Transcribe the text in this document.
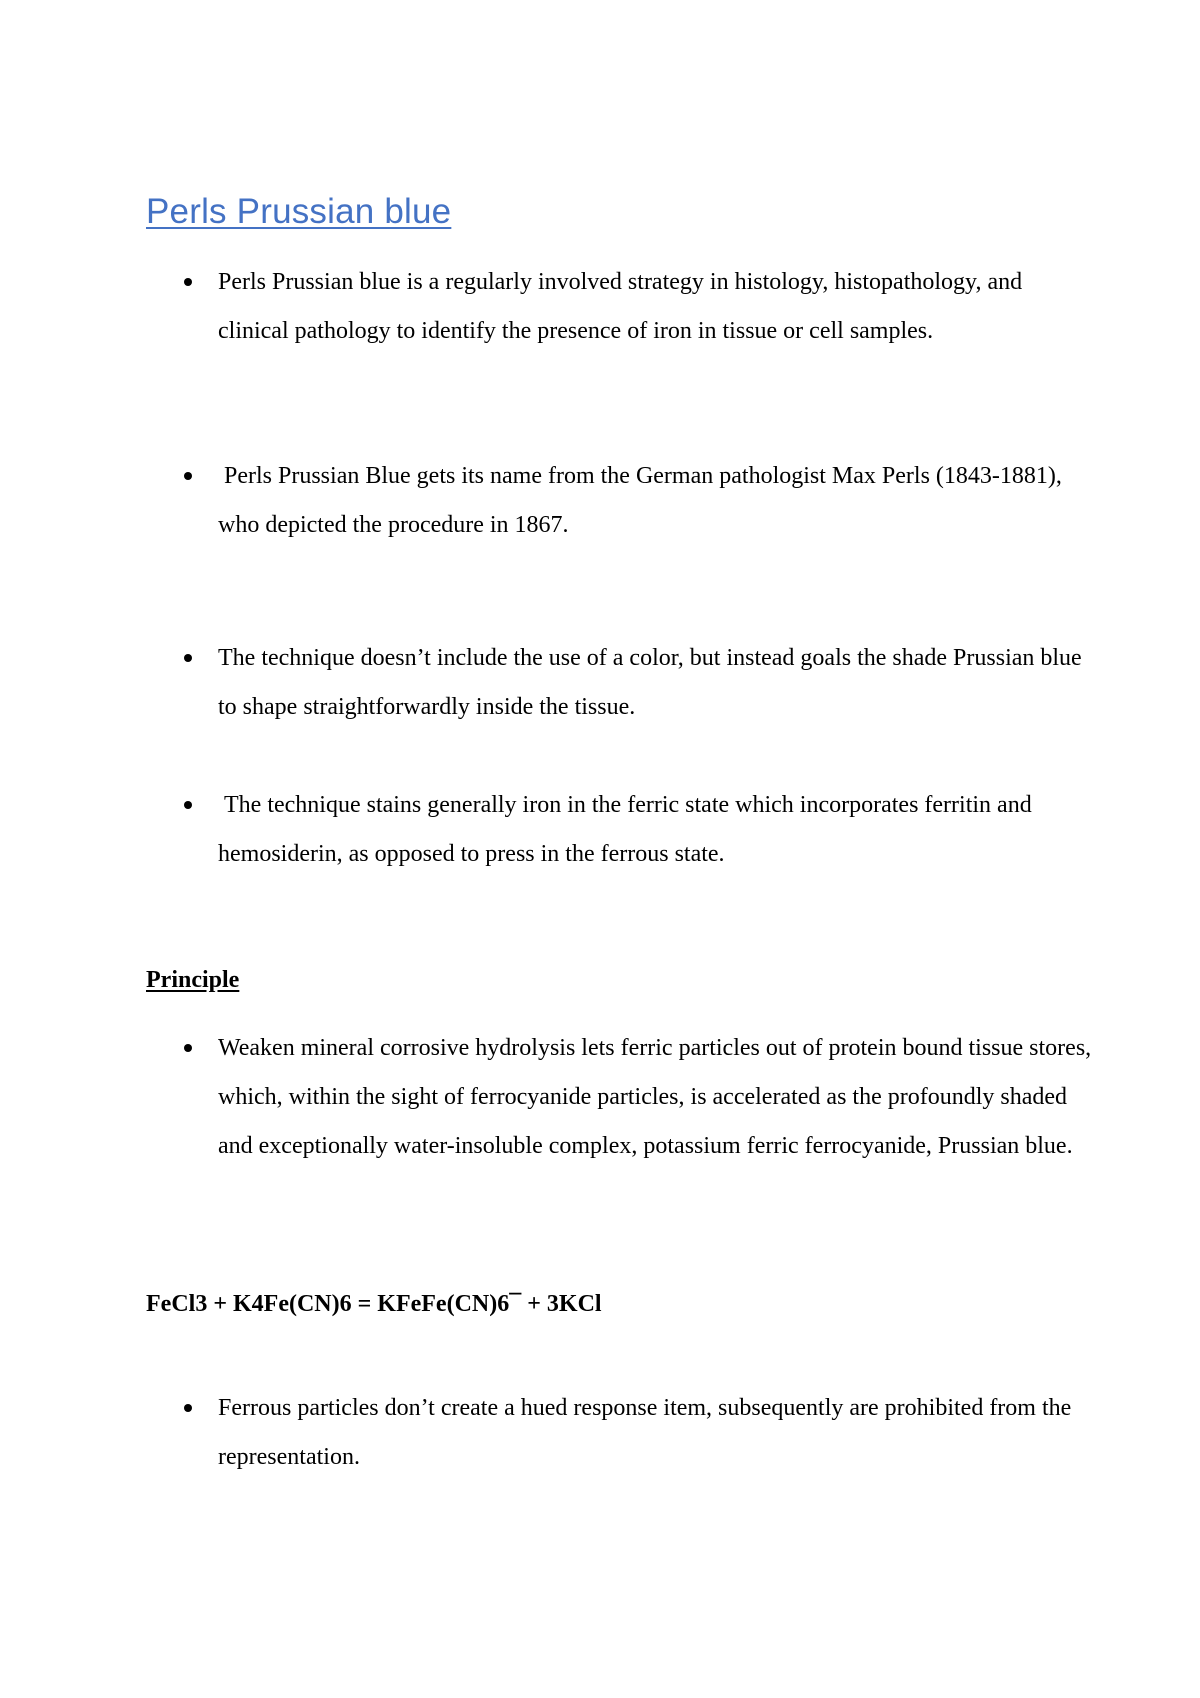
Perls Prussian blue
Perls Prussian blue is a regularly involved strategy in histology, histopathology, and clinical pathology to identify the presence of iron in tissue or cell samples.
Perls Prussian Blue gets its name from the German pathologist Max Perls (1843-1881), who depicted the procedure in 1867.
The technique doesn’t include the use of a color, but instead goals the shade Prussian blue to shape straightforwardly inside the tissue.
The technique stains generally iron in the ferric state which incorporates ferritin and hemosiderin, as opposed to press in the ferrous state.
Principle
Weaken mineral corrosive hydrolysis lets ferric particles out of protein bound tissue stores, which, within the sight of ferrocyanide particles, is accelerated as the profoundly shaded and exceptionally water-insoluble complex, potassium ferric ferrocyanide, Prussian blue.

FeCl3 + K4Fe(CN)6 = KFeFe(CN)6¯ + 3KCl

Ferrous particles don’t create a hued response item, subsequently are prohibited from the representation.
